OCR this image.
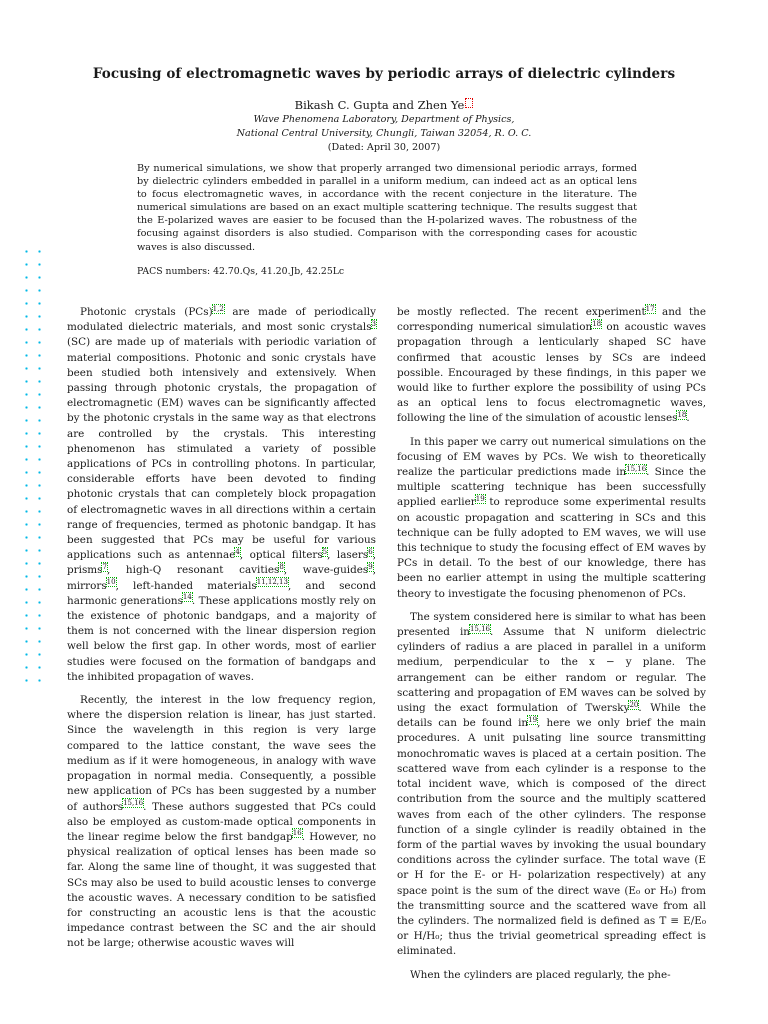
Focusing of electromagnetic waves by periodic arrays of dielectric cylinders
Bikash C. Gupta and Zhen Ye
Wave Phenomena Laboratory, Department of Physics,
National Central University, Chungli, Taiwan 32054, R. O. C.
(Dated: April 30, 2007)
By numerical simulations, we show that properly arranged two dimensional periodic arrays, formed by dielectric cylinders embedded in parallel in a uniform medium, can indeed act as an optical lens to focus electromagnetic waves, in accordance with the recent conjecture in the literature. The numerical simulations are based on an exact multiple scattering technique. The results suggest that the E-polarized waves are easier to be focused than the H-polarized waves. The robustness of the focusing against disorders is also studied. Comparison with the corresponding cases for acoustic waves is also discussed.
PACS numbers: 42.70.Qs, 41.20.Jb, 42.25Lc

Photonic crystals (PCs)$^{1,2}$ are made of periodically modulated dielectric materials, and most sonic crystals$^3$ (SC) are made up of materials with periodic variation of material compositions. Photonic and sonic crystals have been studied both intensively and extensively. When passing through photonic crystals, the propagation of electromagnetic (EM) waves can be significantly affected by the photonic crystals in the same way as that electrons are controlled by the crystals. This interesting phenomenon has stimulated a variety of possible applications of PCs in controlling photons. In particular, considerable efforts have been devoted to finding photonic crystals that can completely block propagation of electromagnetic waves in all directions within a certain range of frequencies, termed as photonic bandgap. It has been suggested that PCs may be useful for various applications such as antennae$^4$, optical filters$^5$, lasers$^6$, prisms$^7$, high-Q resonant cavities$^8$, wave-guides$^9$, mirrors$^{10}$, left-handed materials$^{11,12,13}$, and second harmonic generations$^{14}$. These applications mostly rely on the existence of photonic bandgaps, and a majority of them is not concerned with the linear dispersion region well below the first gap. In other words, most of earlier studies were focused on the formation of bandgaps and the inhibited propagation of waves.

Recently, the interest in the low frequency region, where the dispersion relation is linear, has just started. Since the wavelength in this region is very large compared to the lattice constant, the wave sees the medium as if it were homogeneous, in analogy with wave propagation in normal media. Consequently, a possible new application of PCs has been suggested by a number of authors$^{15,16}$. These authors suggested that PCs could also be employed as custom-made optical components in the linear regime below the first bandgap$^{16}$. However, no physical realization of optical lenses has been made so far. Along the same line of thought, it was suggested that SCs may also be used to build acoustic lenses to converge the acoustic waves. A necessary condition to be satisfied for constructing an acoustic lens is that the acoustic impedance contrast between the SC and the air should not be large; otherwise acoustic waves will

be mostly reflected. The recent experiment$^{17}$ and the corresponding numerical simulation$^{18}$ on acoustic waves propagation through a lenticularly shaped SC have confirmed that acoustic lenses by SCs are indeed possible. Encouraged by these findings, in this paper we would like to further explore the possibility of using PCs as an optical lens to focus electromagnetic waves, following the line of the simulation of acoustic lenses$^{18}$.

In this paper we carry out numerical simulations on the focusing of EM waves by PCs. We wish to theoretically realize the particular predictions made in$^{15,16}$. Since the multiple scattering technique has been successfully applied earlier$^{19}$ to reproduce some experimental results on acoustic propagation and scattering in SCs and this technique can be fully adopted to EM waves, we will use this technique to study the focusing effect of EM waves by PCs in detail. To the best of our knowledge, there has been no earlier attempt in using the multiple scattering theory to investigate the focusing phenomenon of PCs.

The system considered here is similar to what has been presented in$^{15,16}$. Assume that N uniform dielectric cylinders of radius a are placed in parallel in a uniform medium, perpendicular to the x − y plane. The arrangement can be either random or regular. The scattering and propagation of EM waves can be solved by using the exact formulation of Twersky$^{20}$. While the details can be found in$^{19}$, here we only brief the main procedures. A unit pulsating line source transmitting monochromatic waves is placed at a certain position. The scattered wave from each cylinder is a response to the total incident wave, which is composed of the direct contribution from the source and the multiply scattered waves from each of the other cylinders. The response function of a single cylinder is readily obtained in the form of the partial waves by invoking the usual boundary conditions across the cylinder surface. The total wave (E or H for the E- or H- polarization respectively) at any space point is the sum of the direct wave (E₀ or H₀) from the transmitting source and the scattered wave from all the cylinders. The normalized field is defined as T ≡ E/E₀ or H/H₀; thus the trivial geometrical spreading effect is eliminated.

When the cylinders are placed regularly, the phe-
